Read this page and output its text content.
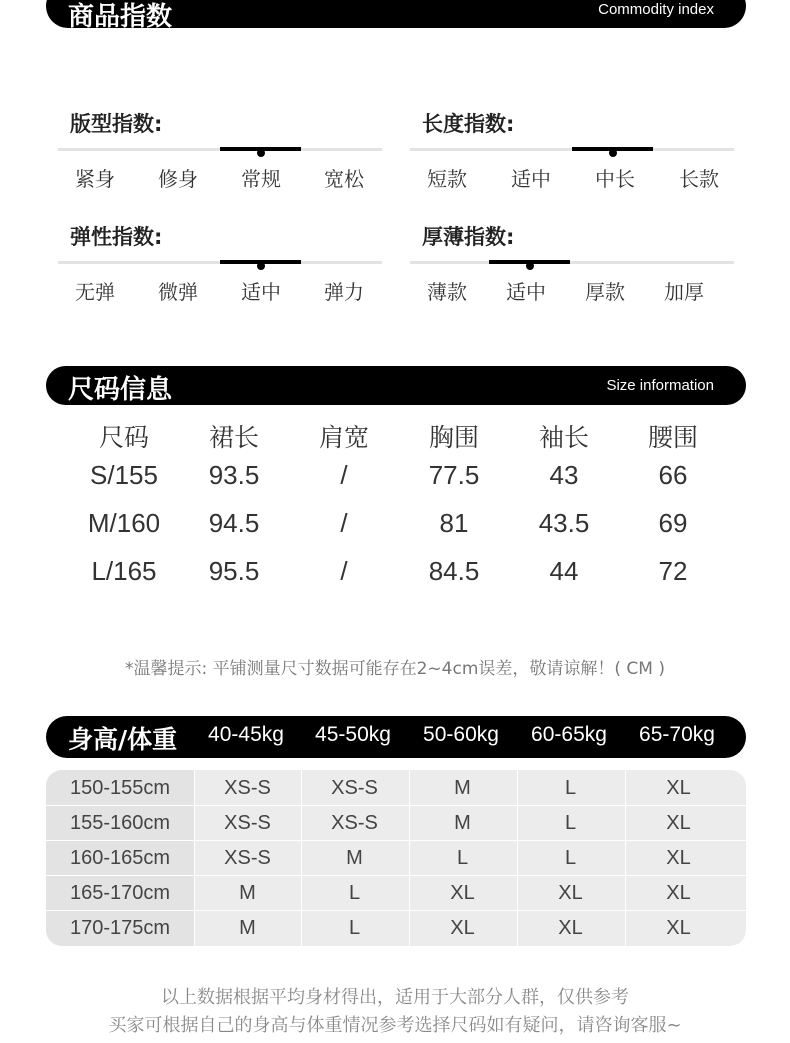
商品指数	Commodity index
版型指数:
紧身	修身	常规	宽松
长度指数:
短款	适中	中长	长款
弹性指数:
无弹	微弹	适中	弹力
厚薄指数:
薄款	适中	厚款	加厚
尺码信息	Size information
尺码	裙长	肩宽	胸围	袖长	腰围
S/155	93.5	/	77.5	43	66
M/160	94.5	/	81	43.5	69
L/165	95.5	/	84.5	44	72
*温馨提示: 平铺测量尺寸数据可能存在2~4cm误差，敬请谅解！( CM )
身高/体重	40-45kg	45-50kg	50-60kg	60-65kg	65-70kg
150-155cm	XS-S	XS-S	M	L	XL
155-160cm	XS-S	XS-S	M	L	XL
160-165cm	XS-S	M	L	L	XL
165-170cm	M	L	XL	XL	XL
170-175cm	M	L	XL	XL	XL
以上数据根据平均身材得出，适用于大部分人群，仅供参考
买家可根据自己的身高与体重情况参考选择尺码如有疑问，请咨询客服~
